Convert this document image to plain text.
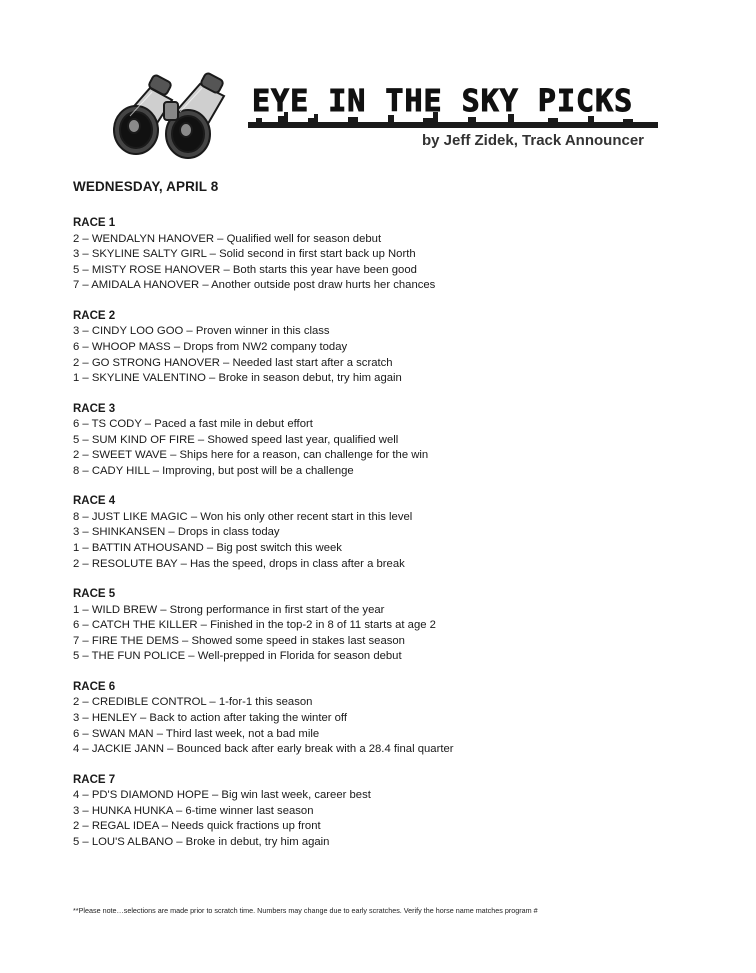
EYE IN THE SKY PICKS
by Jeff Zidek, Track Announcer
WEDNESDAY, APRIL 8
RACE 1
2 – WENDALYN HANOVER – Qualified well for season debut
3 – SKYLINE SALTY GIRL – Solid second in first start back up North
5 – MISTY ROSE HANOVER – Both starts this year have been good
7 – AMIDALA HANOVER – Another outside post draw hurts her chances
RACE 2
3 – CINDY LOO GOO – Proven winner in this class
6 – WHOOP MASS – Drops from NW2 company today
2 – GO STRONG HANOVER – Needed last start after a scratch
1 – SKYLINE VALENTINO – Broke in season debut, try him again
RACE 3
6 – TS CODY – Paced a fast mile in debut effort
5 – SUM KIND OF FIRE – Showed speed last year, qualified well
2 – SWEET WAVE – Ships here for a reason, can challenge for the win
8 – CADY HILL – Improving, but post will be a challenge
RACE 4
8 – JUST LIKE MAGIC – Won his only other recent start in this level
3 – SHINKANSEN – Drops in class today
1 – BATTIN ATHOUSAND – Big post switch this week
2 – RESOLUTE BAY – Has the speed, drops in class after a break
RACE 5
1 – WILD BREW – Strong performance in first start of the year
6 – CATCH THE KILLER – Finished in the top-2 in 8 of 11 starts at age 2
7 – FIRE THE DEMS – Showed some speed in stakes last season
5 – THE FUN POLICE – Well-prepped in Florida for season debut
RACE 6
2 – CREDIBLE CONTROL – 1-for-1 this season
3 – HENLEY – Back to action after taking the winter off
6 – SWAN MAN – Third last week, not a bad mile
4 – JACKIE JANN – Bounced back after early break with a 28.4 final quarter
RACE 7
4 – PD'S DIAMOND HOPE – Big win last week, career best
3 – HUNKA HUNKA – 6-time winner last season
2 – REGAL IDEA – Needs quick fractions up front
5 – LOU'S ALBANO – Broke in debut, try him again
**Please note…selections are made prior to scratch time. Numbers may change due to early scratches. Verify the horse name matches program #
